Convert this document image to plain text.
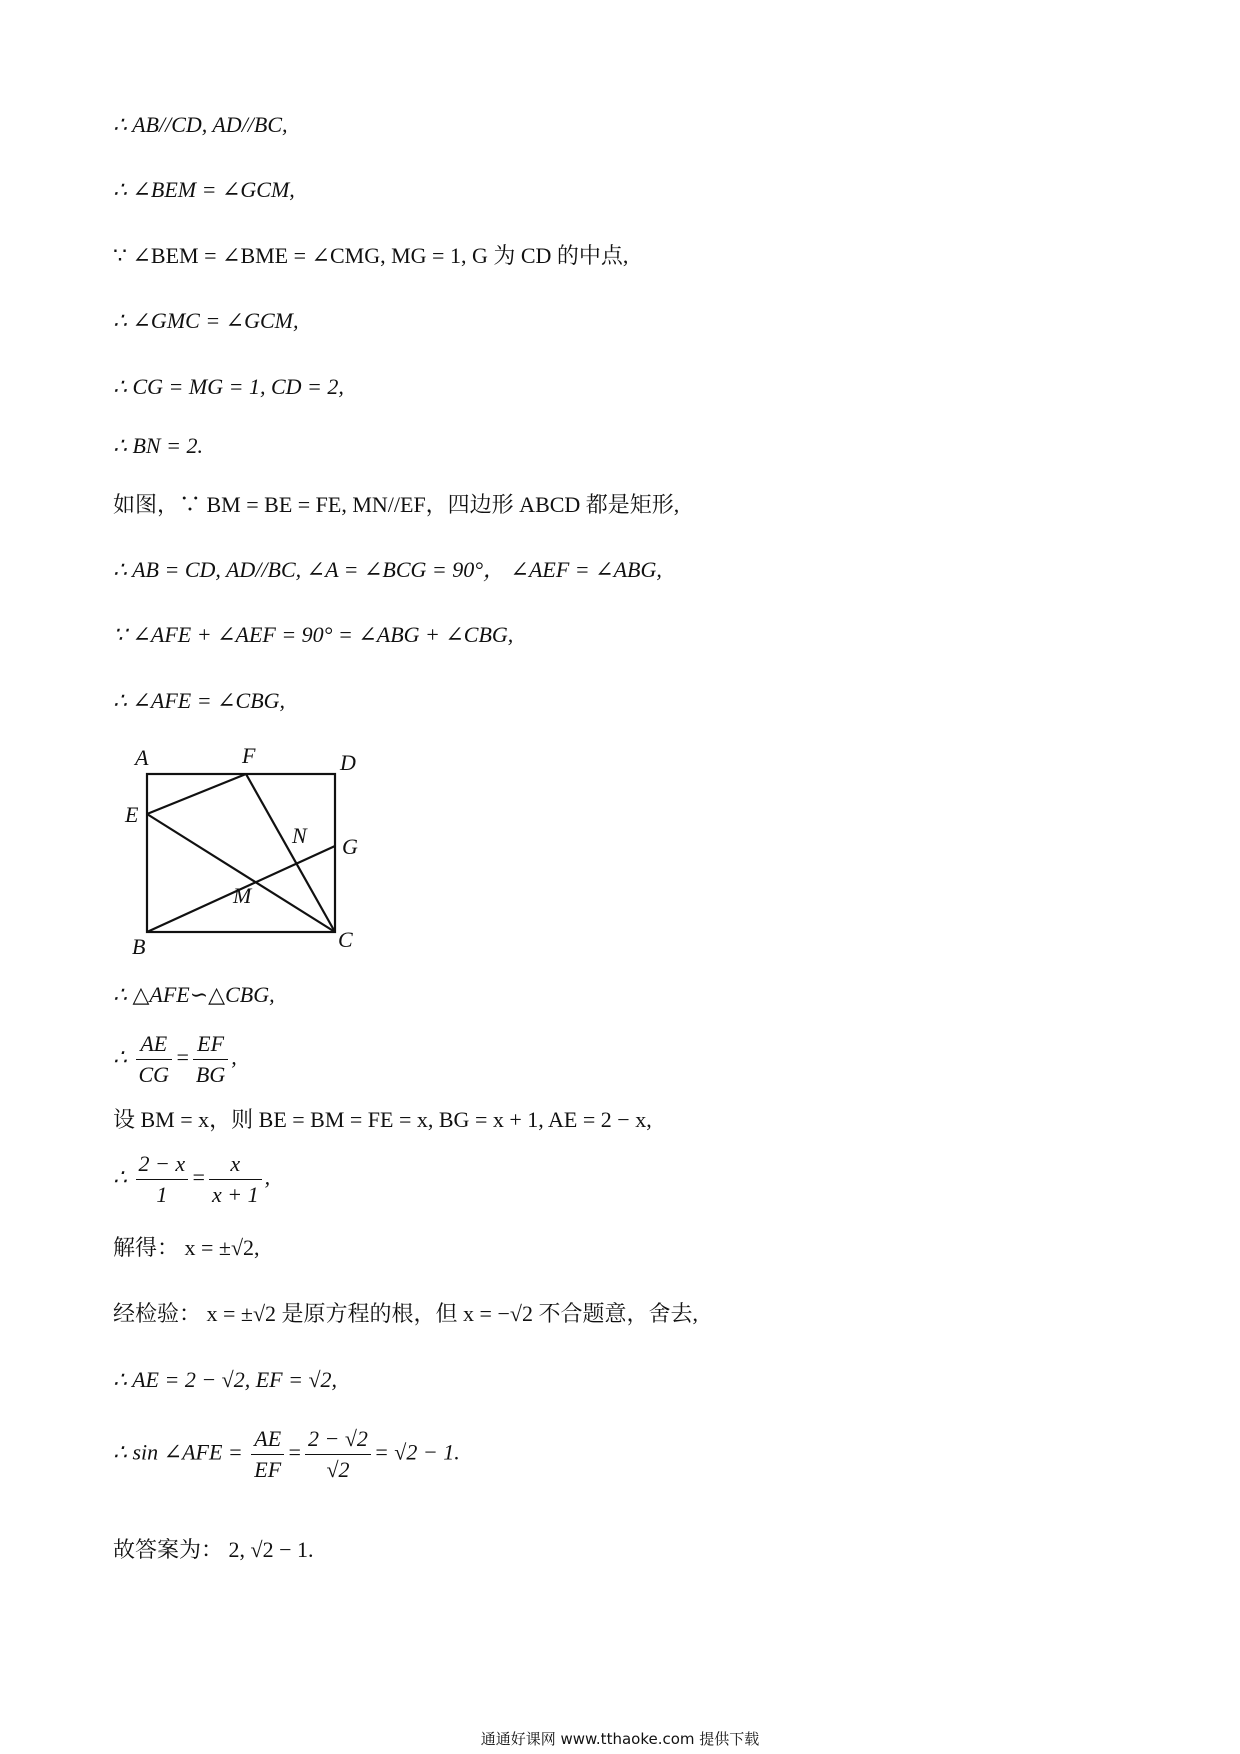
∴ AB//CD, AD//BC,
∴ ∠BEM = ∠GCM,
∵ ∠BEM = ∠BME = ∠CMG, MG = 1, G 为 CD 的中点,
∴ ∠GMC = ∠GCM,
∴ CG = MG = 1, CD = 2,
∴ BN = 2.
如图，∵ BM = BE = FE, MN//EF，四边形 ABCD 都是矩形,
∴ AB = CD, AD//BC, ∠A = ∠BCG = 90°， ∠AEF = ∠ABG,
∵ ∠AFE + ∠AEF = 90° = ∠ABG + ∠CBG,
∴ ∠AFE = ∠CBG,
A	F	D
E
N G
M
B	C
∴ △AFE∽△CBG,
∴ $\frac{AE}{CG} = \frac{EF}{BG}$ ,
设 BM = x，则 BE = BM = FE = x, BG = x + 1, AE = 2 − x,
∴ $\frac{2 - x}{1} = \frac{x}{x + 1}$ ,
解得： x = ±√2,
经检验： x = ±√2 是原方程的根，但 x = −√2 不合题意，舍去,
∴ AE = 2 − √2, EF = √2,
∴ sin ∠AFE = $\frac{AE}{EF} = \frac{2 - √2}{√2} = √2 - 1$.
故答案为： 2, √2 − 1.
通通好课网 www.tthaoke.com 提供下载
